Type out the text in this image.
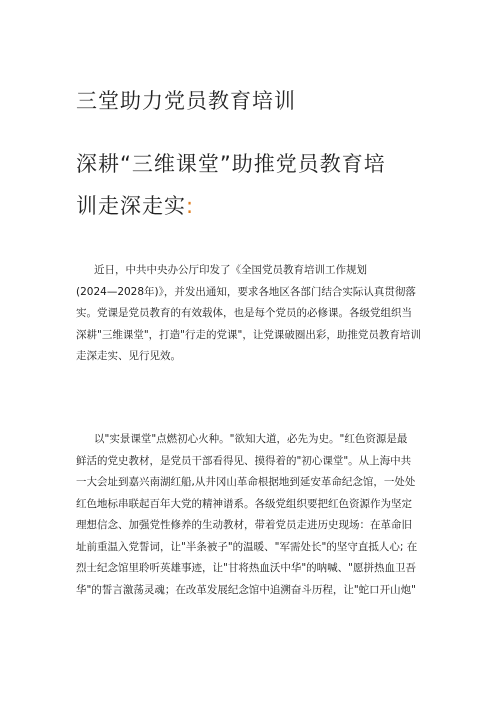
三堂助力党员教育培训
深耕“三维课堂”助推党员教育培
训走深走实:
近日，中共中央办公厅印发了《全国党员教育培训工作规划
(2024—2028年)》，并发出通知，要求各地区各部门结合实际认真贯彻落
实。党课是党员教育的有效载体，也是每个党员的必修课。各级党组织当
深耕"三维课堂"，打造"行走的党课"，让党课破圈出彩，助推党员教育培训
走深走实、见行见效。
以"实景课堂"点燃初心火种。"欲知大道，必先为史。"红色资源是最
鲜活的党史教材，是党员干部看得见、摸得着的"初心课堂"。从上海中共
一大会址到嘉兴南湖红船,从井冈山革命根据地到延安革命纪念馆，一处处
红色地标串联起百年大党的精神谱系。各级党组织要把红色资源作为坚定
理想信念、加强党性修养的生动教材，带着党员走进历史现场：在革命旧
址前重温入党誓词，让"半条被子"的温暖、"军需处长"的坚守直抵人心; 在
烈士纪念馆里聆听英雄事迹，让"甘将热血沃中华"的呐喊、"愿拼热血卫吾
华"的誓言激荡灵魂；在改革发展纪念馆中追溯奋斗历程，让"蛇口开山炮"
